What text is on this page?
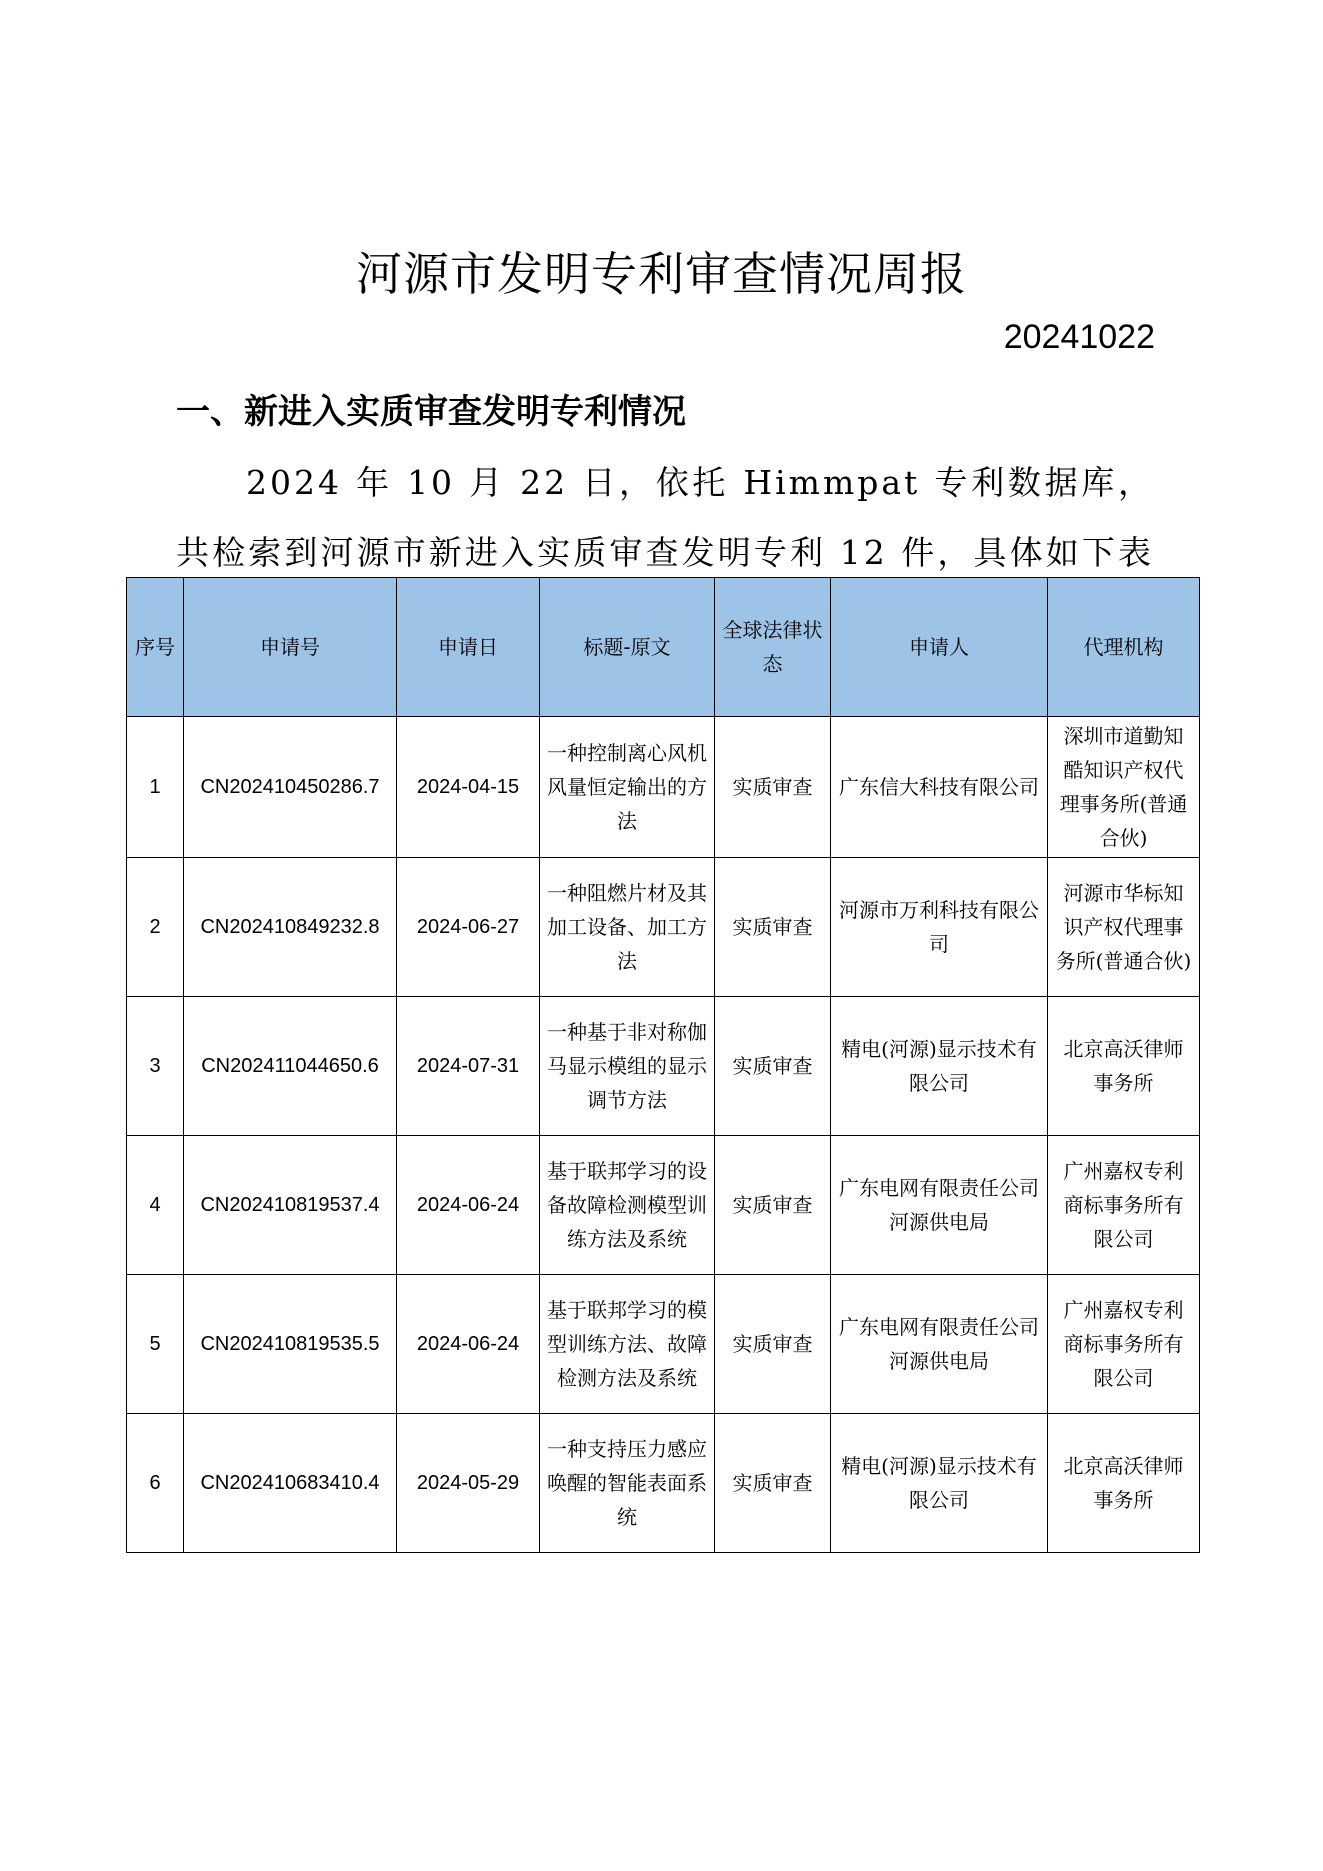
河源市发明专利审查情况周报
20241022
一、新进入实质审查发明专利情况
2024 年 10 月 22 日，依托 Himmpat 专利数据库，共检索到河源市新进入实质审查发明专利 12 件，具体如下表
序号	申请号	申请日	标题-原文	全球法律状态	申请人	代理机构
1	CN202410450286.7	2024-04-15	一种控制离心风机风量恒定输出的方法	实质审查	广东信大科技有限公司	深圳市道勤知酷知识产权代理事务所(普通合伙)
2	CN202410849232.8	2024-06-27	一种阻燃片材及其加工设备、加工方法	实质审查	河源市万利科技有限公司	河源市华标知识产权代理事务所(普通合伙)
3	CN202411044650.6	2024-07-31	一种基于非对称伽马显示模组的显示调节方法	实质审查	精电(河源)显示技术有限公司	北京高沃律师事务所
4	CN202410819537.4	2024-06-24	基于联邦学习的设备故障检测模型训练方法及系统	实质审查	广东电网有限责任公司河源供电局	广州嘉权专利商标事务所有限公司
5	CN202410819535.5	2024-06-24	基于联邦学习的模型训练方法、故障检测方法及系统	实质审查	广东电网有限责任公司河源供电局	广州嘉权专利商标事务所有限公司
6	CN202410683410.4	2024-05-29	一种支持压力感应唤醒的智能表面系统	实质审查	精电(河源)显示技术有限公司	北京高沃律师事务所
